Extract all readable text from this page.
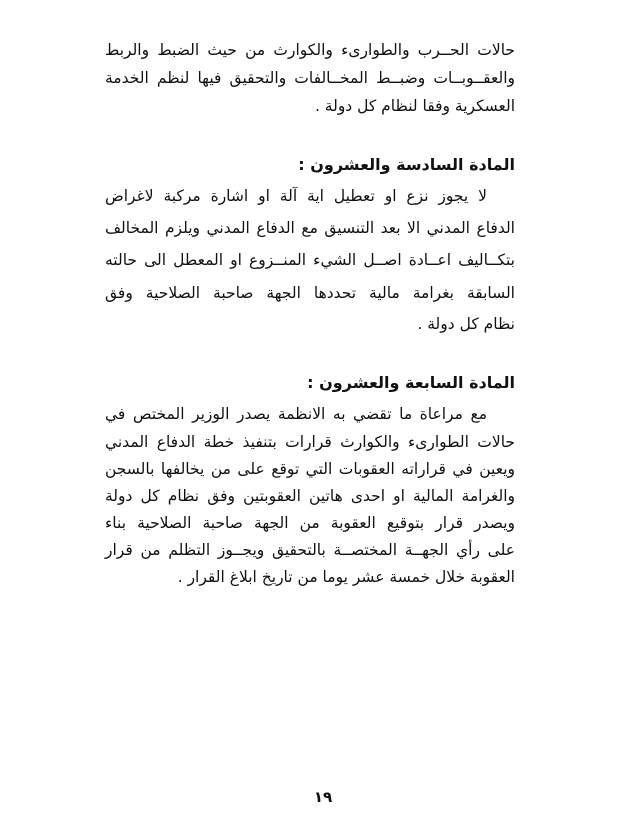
حالات الحــرب والطوارىء والكوارث من حيث الضبط والربط
والعقــوبــات وضبــط المخــالفات والتحقيق فيها لنظم الخدمة
العسكرية وفقا لنظام كل دولة .
المادة السادسة والعشرون :
لا يجوز نزع او تعطيل اية آلة او اشارة مركبة لاغراض
الدفاع المدني الا بعد التنسيق مع الدفاع المدني ويلزم المخالف
بتكــاليف اعــادة اصــل الشيء المنــزوع او المعطل الى حالته
السابقة بغرامة مالية تحددها الجهة صاحبة الصلاحية وفق
نظام كل دولة .
المادة السابعة والعشرون :
مع مراعاة ما تقضي به الانظمة يصدر الوزير المختص في
حالات الطوارىء والكوارث قرارات بتنفيذ خطة الدفاع المدني
ويعين في قراراته العقوبات التي توقع على من يخالفها بالسجن
والغرامة المالية او احدى هاتين العقوبتين وفق نظام كل دولة
ويصدر قرار بتوقيع العقوبة من الجهة صاحبة الصلاحية بناء
على رأي الجهــة المختصــة بالتحقيق ويجــوز التظلم من قرار
العقوبة خلال خمسة عشر يوما من تاريخ ابلاغ القرار .
١٩
